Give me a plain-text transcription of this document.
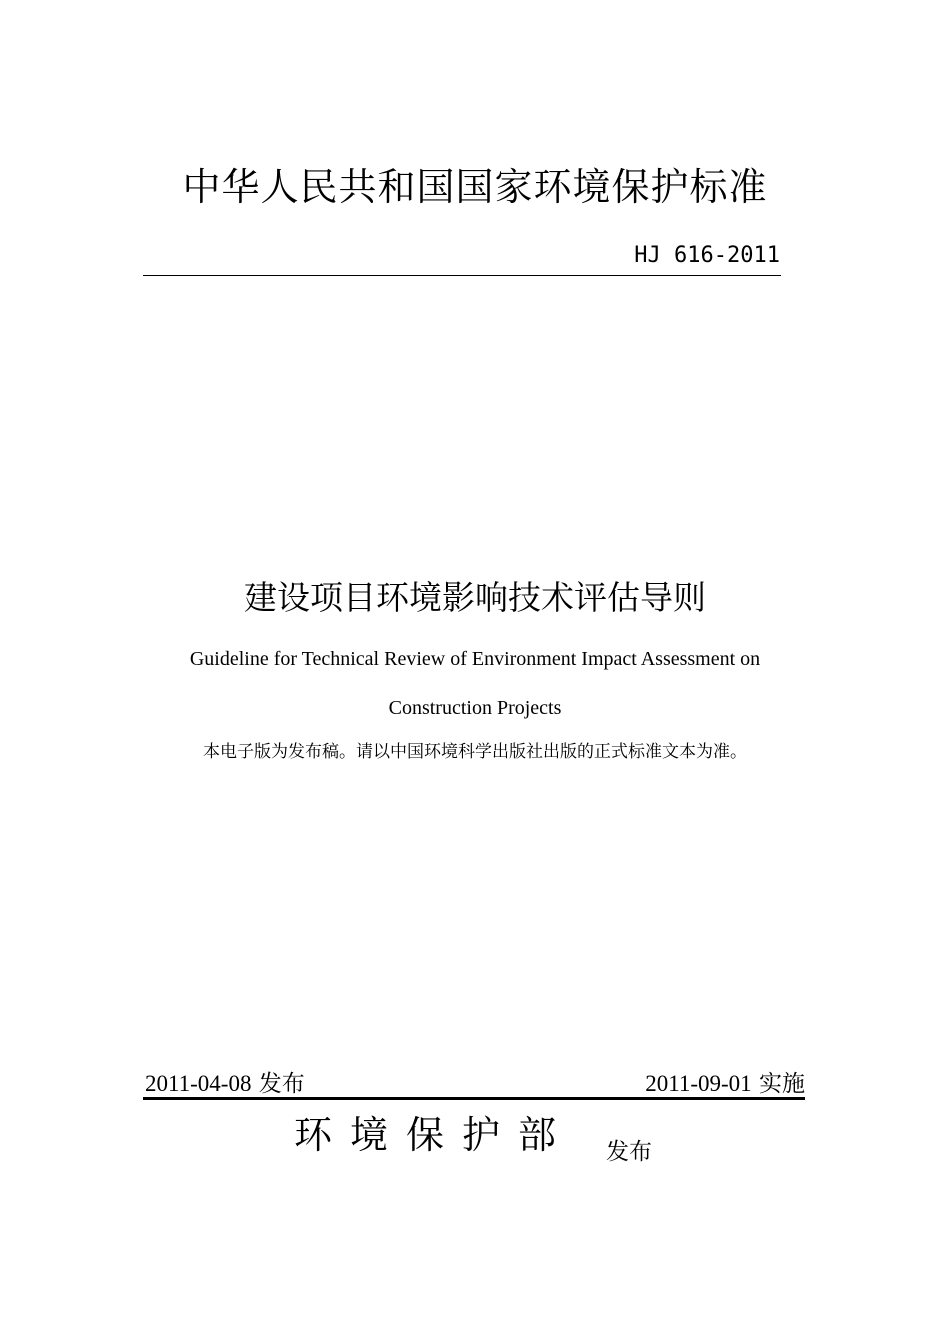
中华人民共和国国家环境保护标准
HJ 616-2011
建设项目环境影响技术评估导则
Guideline for Technical Review of Environment Impact Assessment on
Construction Projects
本电子版为发布稿。请以中国环境科学出版社出版的正式标准文本为准。
2011-04-08 发布	2011-09-01 实施
环境保护部 发布
